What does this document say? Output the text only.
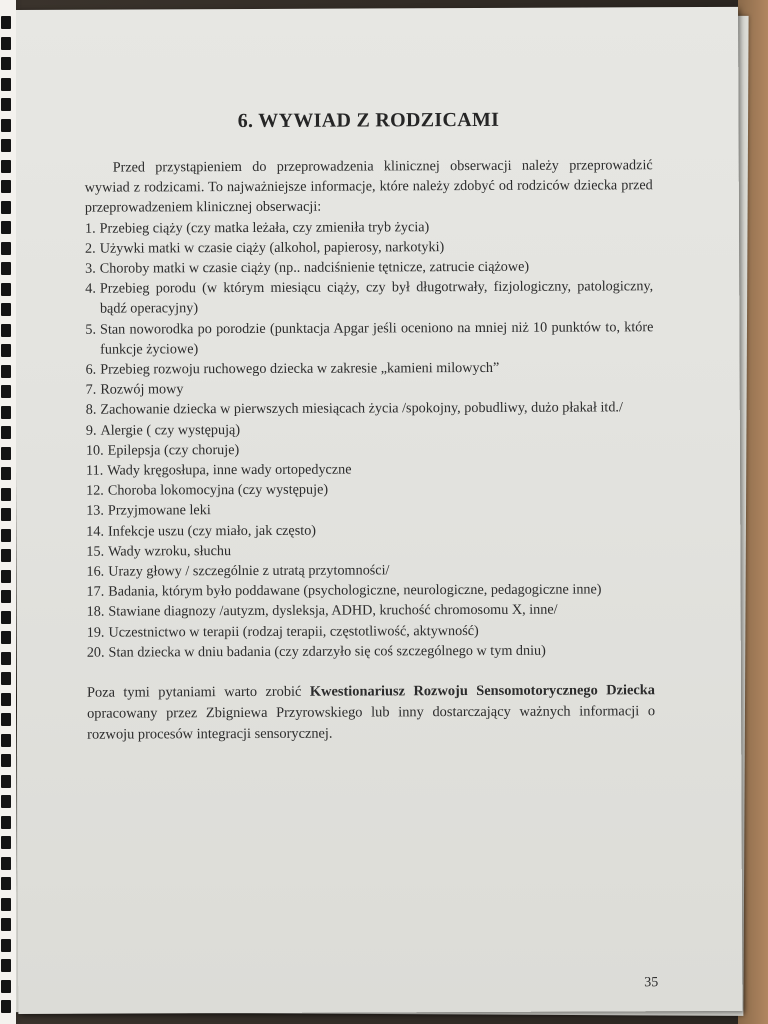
6. WYWIAD Z RODZICAMI

Przed przystąpieniem do przeprowadzenia klinicznej obserwacji należy przeprowadzić wywiad z rodzicami. To najważniejsze informacje, które należy zdobyć od rodziców dziecka przed przeprowadzeniem klinicznej obserwacji:

1. Przebieg ciąży (czy matka leżała, czy zmieniła tryb życia)
2. Używki matki w czasie ciąży (alkohol, papierosy, narkotyki)
3. Choroby matki w czasie ciąży (np.. nadciśnienie tętnicze, zatrucie ciążowe)
4. Przebieg porodu (w którym miesiącu ciąży, czy był długotrwały, fizjologiczny, patologiczny, bądź operacyjny)
5. Stan noworodka po porodzie (punktacja Apgar jeśli oceniono na mniej niż 10 punktów to, które funkcje życiowe)
6. Przebieg rozwoju ruchowego dziecka w zakresie „kamieni milowych”
7. Rozwój mowy
8. Zachowanie dziecka w pierwszych miesiącach życia /spokojny, pobudliwy, dużo płakał itd./
9. Alergie ( czy występują)
10. Epilepsja (czy choruje)
11. Wady kręgosłupa, inne wady ortopedyczne
12. Choroba lokomocyjna (czy występuje)
13. Przyjmowane leki
14. Infekcje uszu (czy miało, jak często)
15. Wady wzroku, słuchu
16. Urazy głowy / szczególnie z utratą przytomności/
17. Badania, którym było poddawane (psychologiczne, neurologiczne, pedagogiczne inne)
18. Stawiane diagnozy /autyzm, dysleksja, ADHD, kruchość chromosomu X, inne/
19. Uczestnictwo w terapii (rodzaj terapii, częstotliwość, aktywność)
20. Stan dziecka w dniu badania (czy zdarzyło się coś szczególnego w tym dniu)

Poza tymi pytaniami warto zrobić Kwestionariusz Rozwoju Sensomotorycznego Dziecka opracowany przez Zbigniewa Przyrowskiego lub inny dostarczający ważnych informacji o rozwoju procesów integracji sensorycznej.

35
